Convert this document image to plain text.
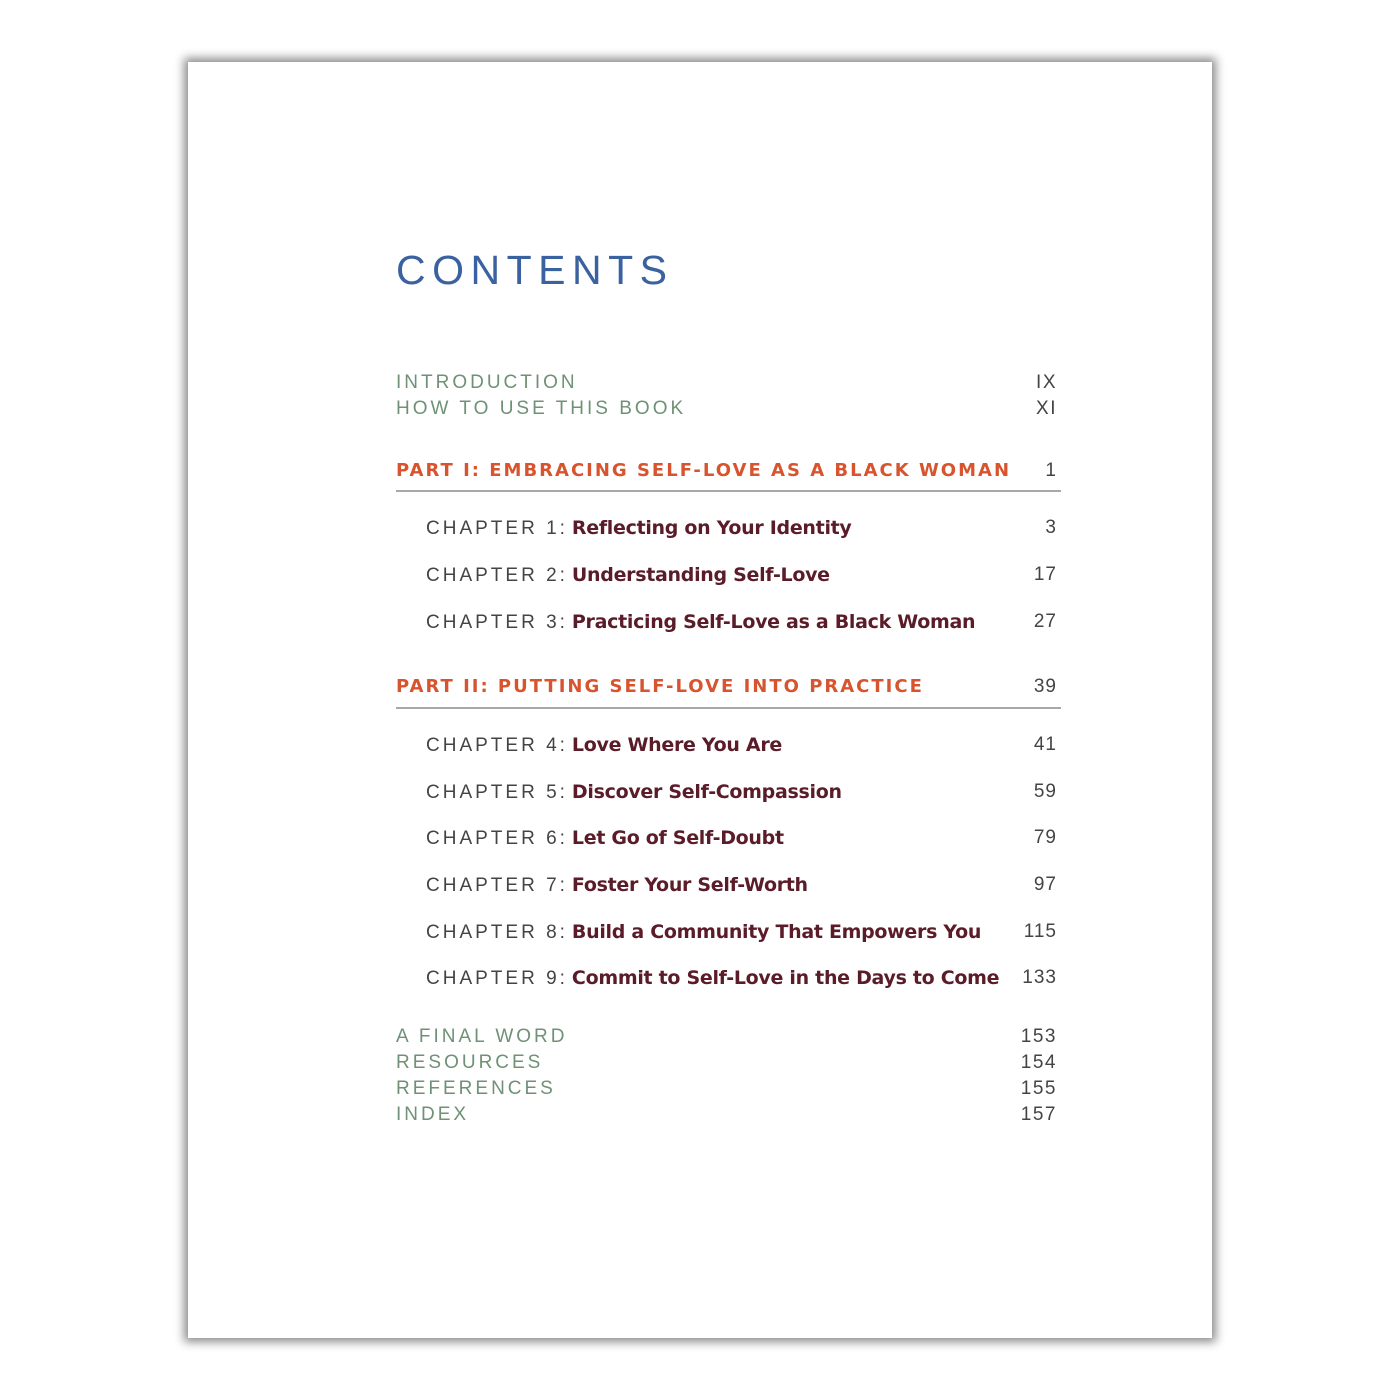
CONTENTS
INTRODUCTION	IX
HOW TO USE THIS BOOK	XI
PART I: EMBRACING SELF-LOVE AS A BLACK WOMAN 1
CHAPTER 1: Reflecting on Your Identity	3
CHAPTER 2: Understanding Self-Love	17
CHAPTER 3: Practicing Self-Love as a Black Woman	27
PART II: PUTTING SELF-LOVE INTO PRACTICE	39
CHAPTER 4: Love Where You Are	41
CHAPTER 5: Discover Self-Compassion	59
CHAPTER 6: Let Go of Self-Doubt	79
CHAPTER 7: Foster Your Self-Worth	97
CHAPTER 8: Build a Community That Empowers You 115
CHAPTER 9: Commit to Self-Love in the Days to Come 133
A FINAL WORD	153
RESOURCES	154
REFERENCES	155
INDEX	157
